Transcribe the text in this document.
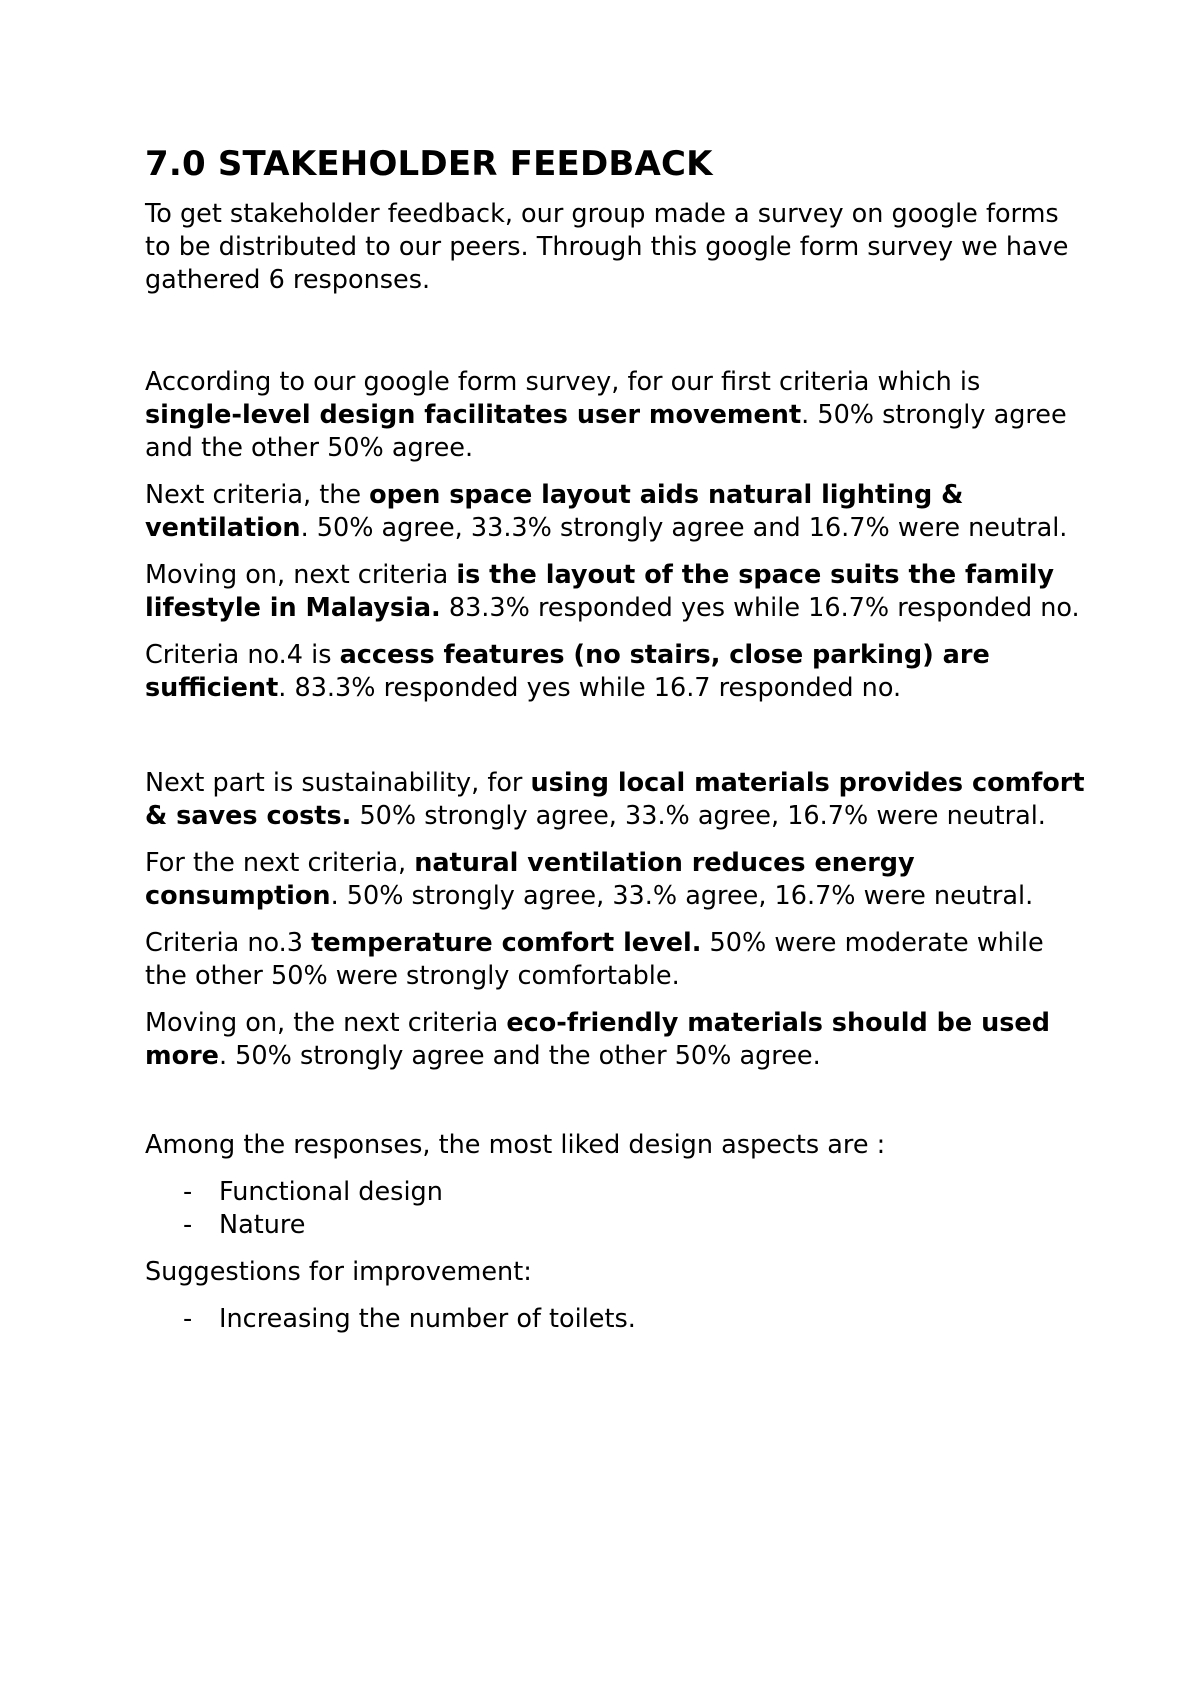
7.0 STAKEHOLDER FEEDBACK

To get stakeholder feedback, our group made a survey on google forms to be distributed to our peers. Through this google form survey we have gathered 6 responses.

According to our google form survey, for our first criteria which is single-level design facilitates user movement. 50% strongly agree and the other 50% agree.

Next criteria, the open space layout aids natural lighting & ventilation. 50% agree, 33.3% strongly agree and 16.7% were neutral.

Moving on, next criteria is the layout of the space suits the family lifestyle in Malaysia. 83.3% responded yes while 16.7% responded no.

Criteria no.4 is access features (no stairs, close parking) are sufficient. 83.3% responded yes while 16.7 responded no.

Next part is sustainability, for using local materials provides comfort & saves costs. 50% strongly agree, 33.% agree, 16.7% were neutral.

For the next criteria, natural ventilation reduces energy consumption. 50% strongly agree, 33.% agree, 16.7% were neutral.

Criteria no.3 temperature comfort level. 50% were moderate while the other 50% were strongly comfortable.

Moving on, the next criteria eco-friendly materials should be used more. 50% strongly agree and the other 50% agree.

Among the responses, the most liked design aspects are :

- Functional design
- Nature

Suggestions for improvement:

- Increasing the number of toilets.
